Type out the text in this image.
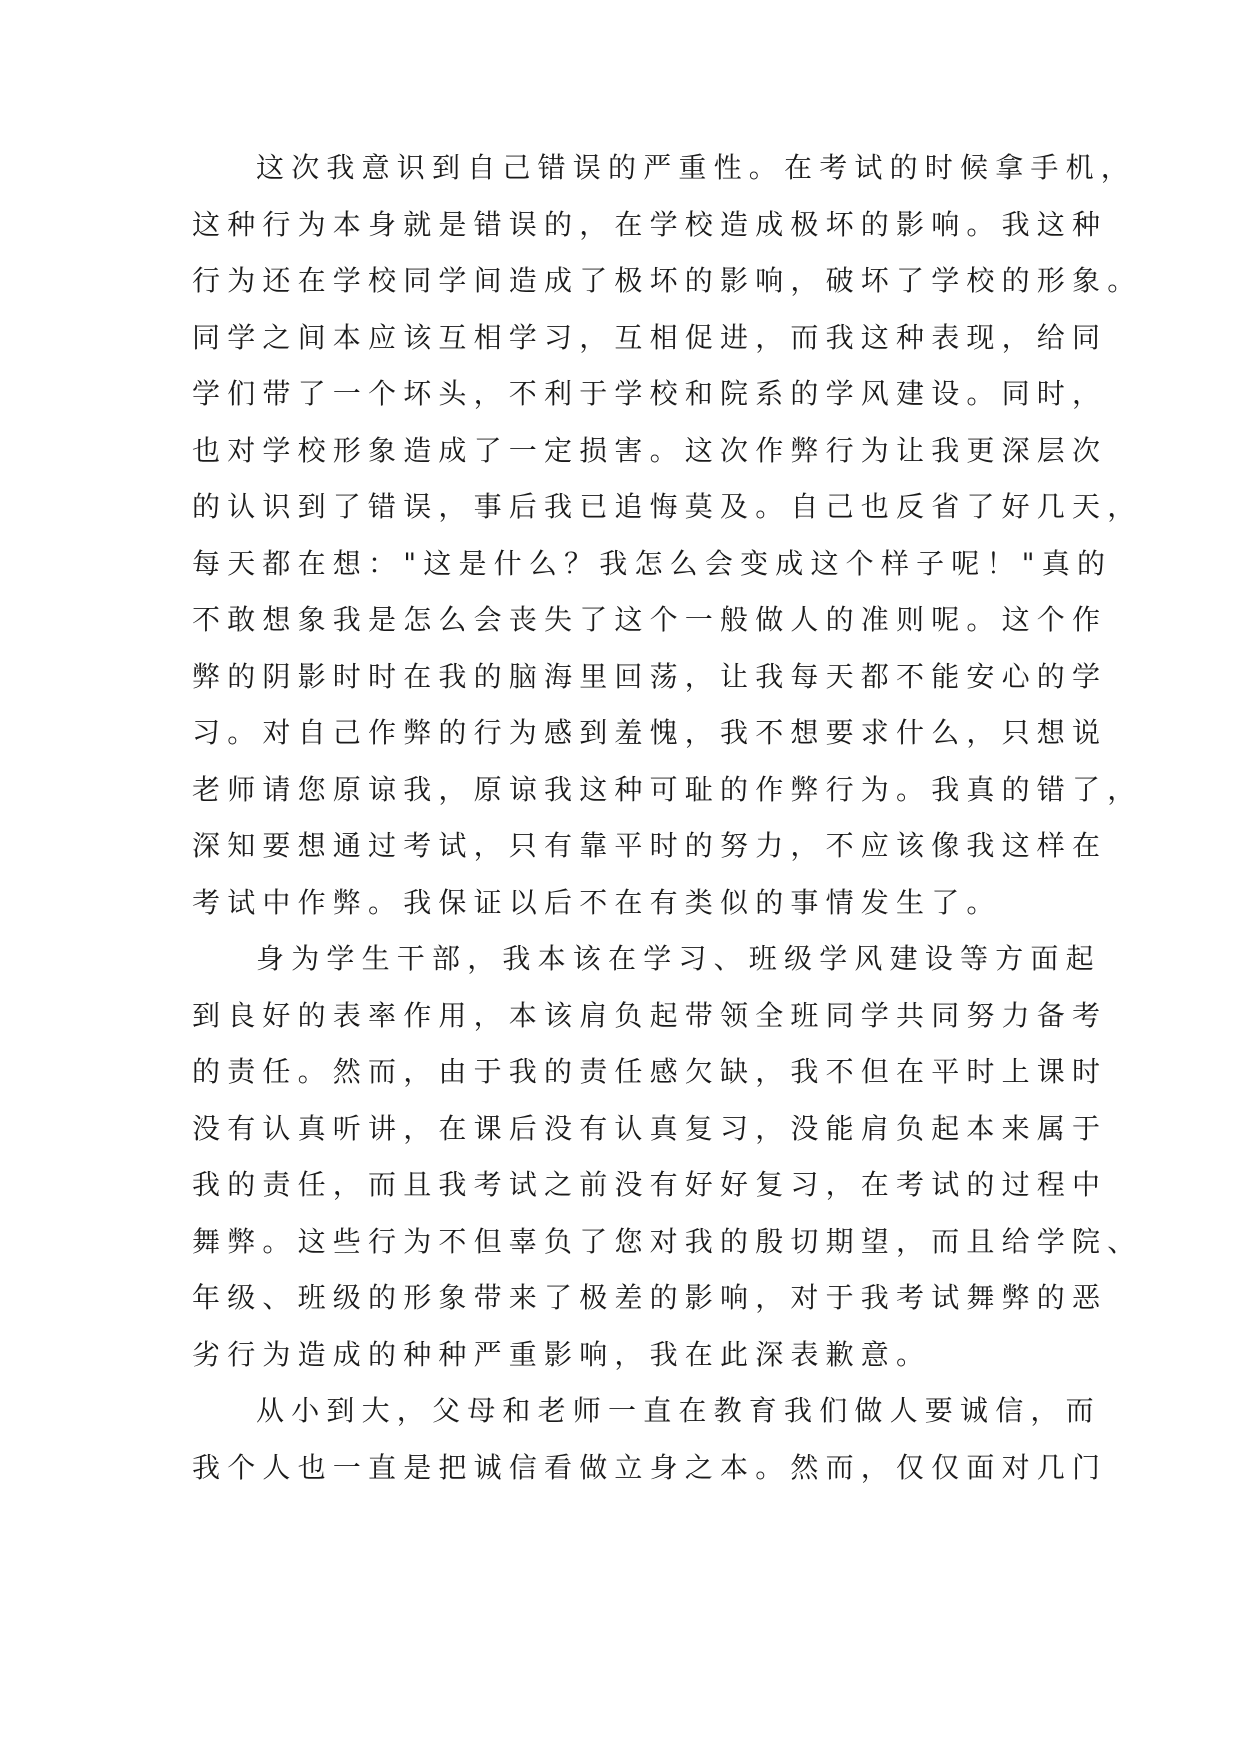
这次我意识到自己错误的严重性。在考试的时候拿手机，
这种行为本身就是错误的，在学校造成极坏的影响。我这种
行为还在学校同学间造成了极坏的影响，破坏了学校的形象。
同学之间本应该互相学习，互相促进，而我这种表现，给同
学们带了一个坏头，不利于学校和院系的学风建设。同时，
也对学校形象造成了一定损害。这次作弊行为让我更深层次
的认识到了错误，事后我已追悔莫及。自己也反省了好几天，
每天都在想："这是什么？我怎么会变成这个样子呢！"真的
不敢想象我是怎么会丧失了这个一般做人的准则呢。这个作
弊的阴影时时在我的脑海里回荡，让我每天都不能安心的学
习。对自己作弊的行为感到羞愧，我不想要求什么，只想说
老师请您原谅我，原谅我这种可耻的作弊行为。我真的错了，
深知要想通过考试，只有靠平时的努力，不应该像我这样在
考试中作弊。我保证以后不在有类似的事情发生了。
身为学生干部，我本该在学习、班级学风建设等方面起
到良好的表率作用，本该肩负起带领全班同学共同努力备考
的责任。然而，由于我的责任感欠缺，我不但在平时上课时
没有认真听讲，在课后没有认真复习，没能肩负起本来属于
我的责任，而且我考试之前没有好好复习，在考试的过程中
舞弊。这些行为不但辜负了您对我的殷切期望，而且给学院、
年级、班级的形象带来了极差的影响，对于我考试舞弊的恶
劣行为造成的种种严重影响，我在此深表歉意。
从小到大，父母和老师一直在教育我们做人要诚信，而
我个人也一直是把诚信看做立身之本。然而，仅仅面对几门
